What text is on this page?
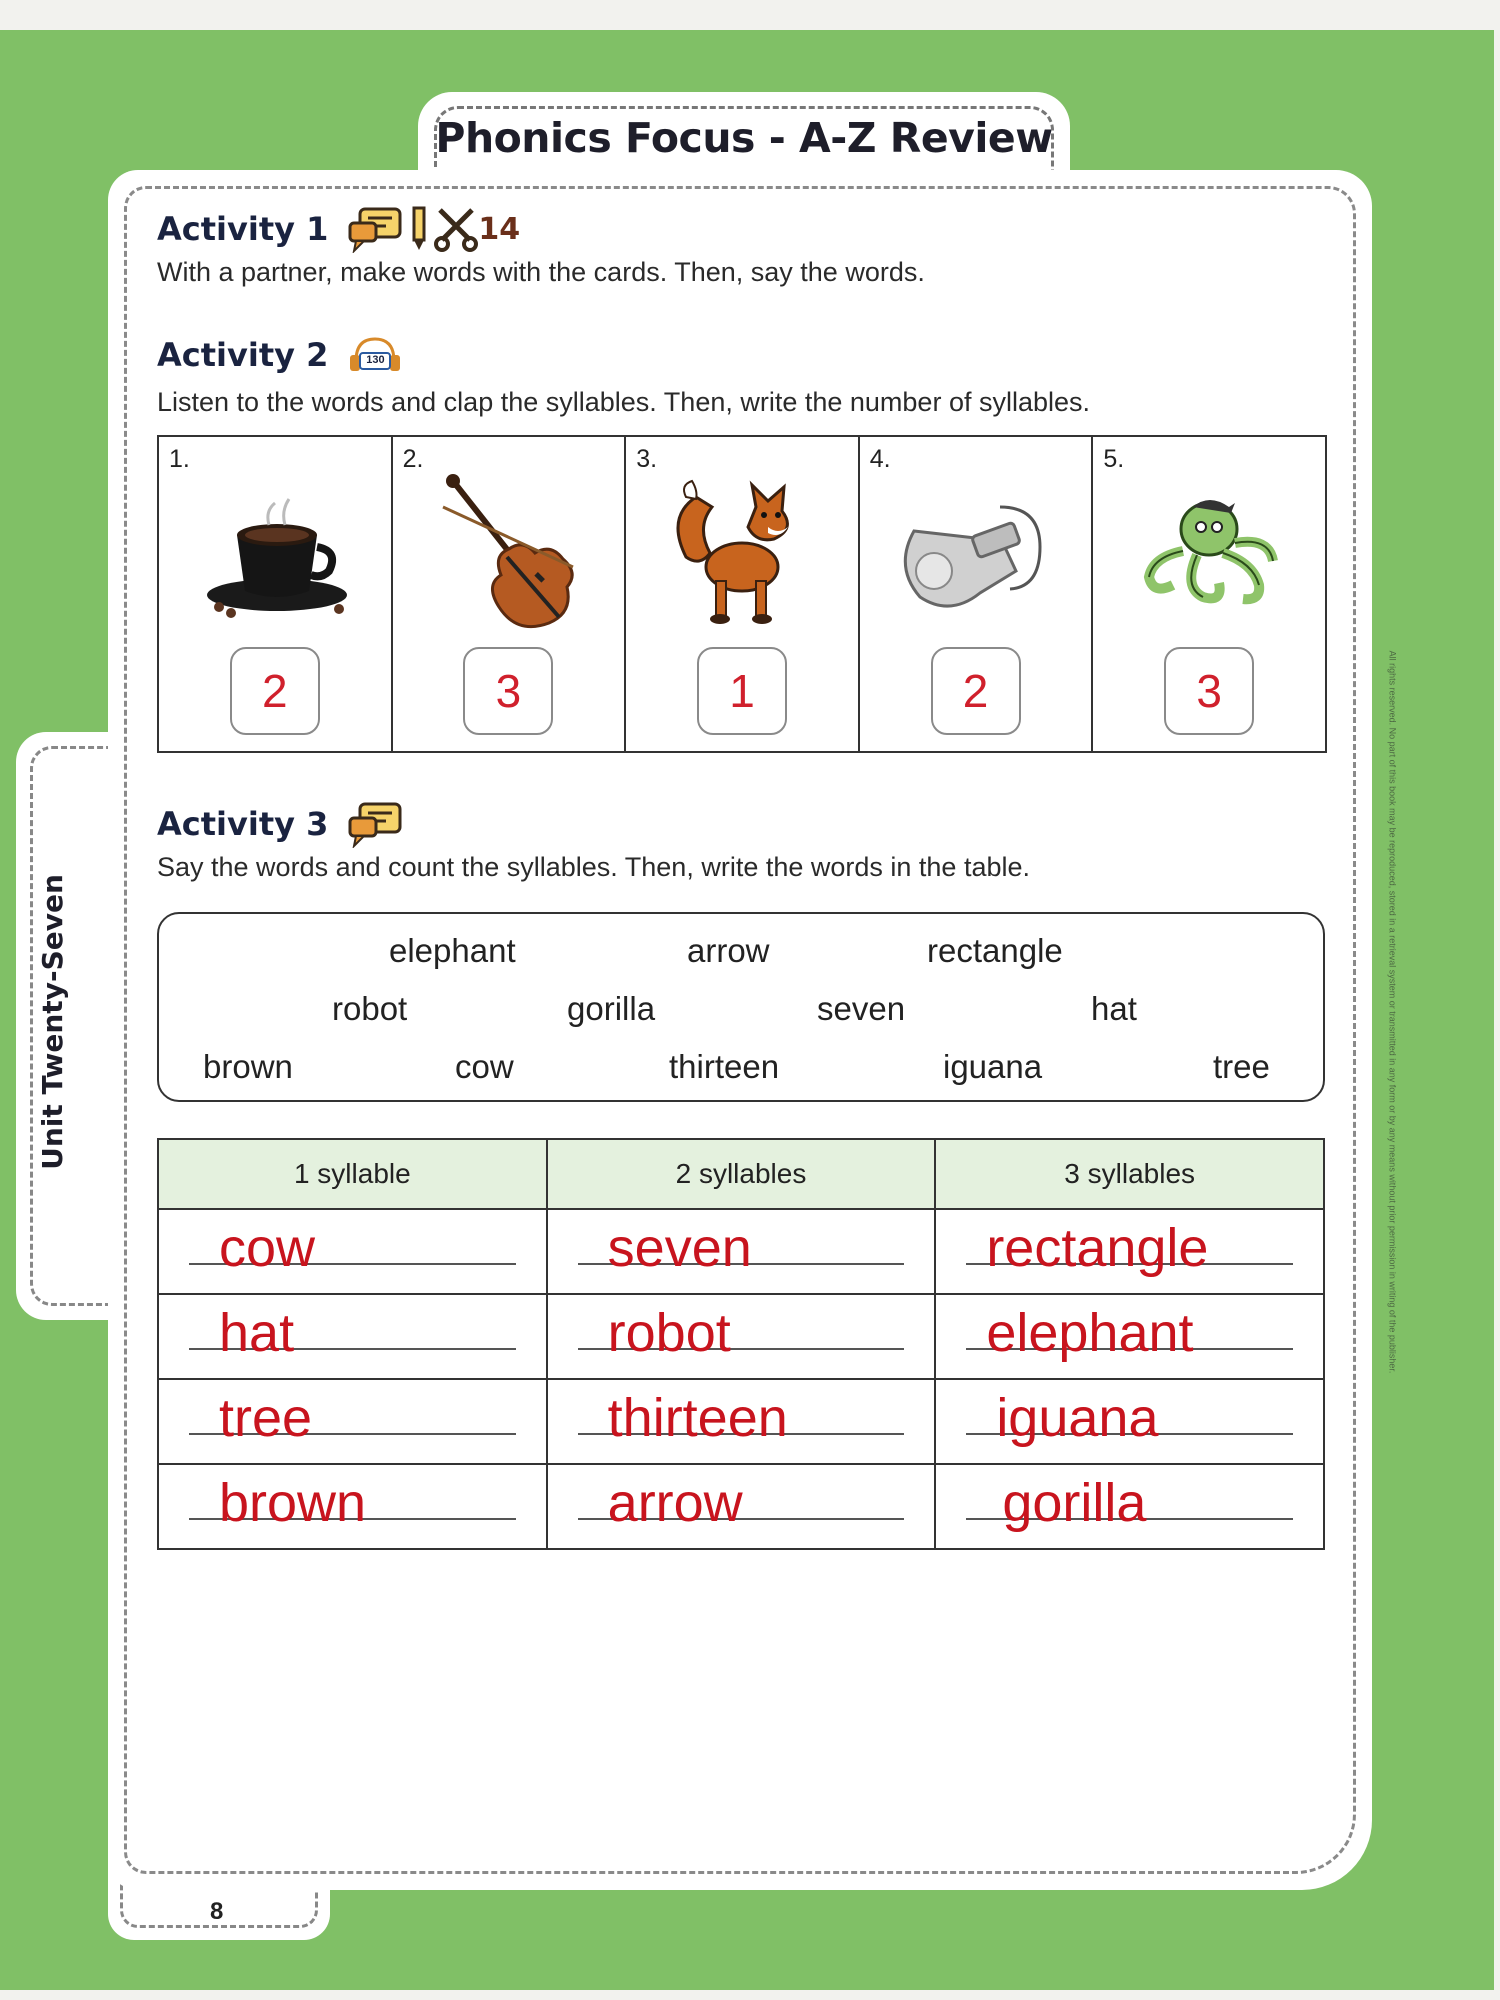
Phonics Focus - A-Z Review
Unit Twenty-Seven
8
All rights reserved. No part of this book may be reproduced, stored in a retrieval system or transmitted in any form or by any means without prior permission in writing of the publisher.
Activity 1	14
With a partner, make words with the cards. Then, say the words.
Activity 2	130
Listen to the words and clap the syllables. Then, write the number of syllables.
1.
2
2.
3
3.
1
4.
2
5.
3
Activity 3
Say the words and count the syllables. Then, write the words in the table.
elephant	arrow	rectangle
robot	gorilla	seven	hat
brown	cow	thirteen	iguana	tree
1 syllable	2 syllables	3 syllables

cow	seven	rectangle

hat	robot	elephant

tree	thirteen	iguana

brown	arrow	gorilla
